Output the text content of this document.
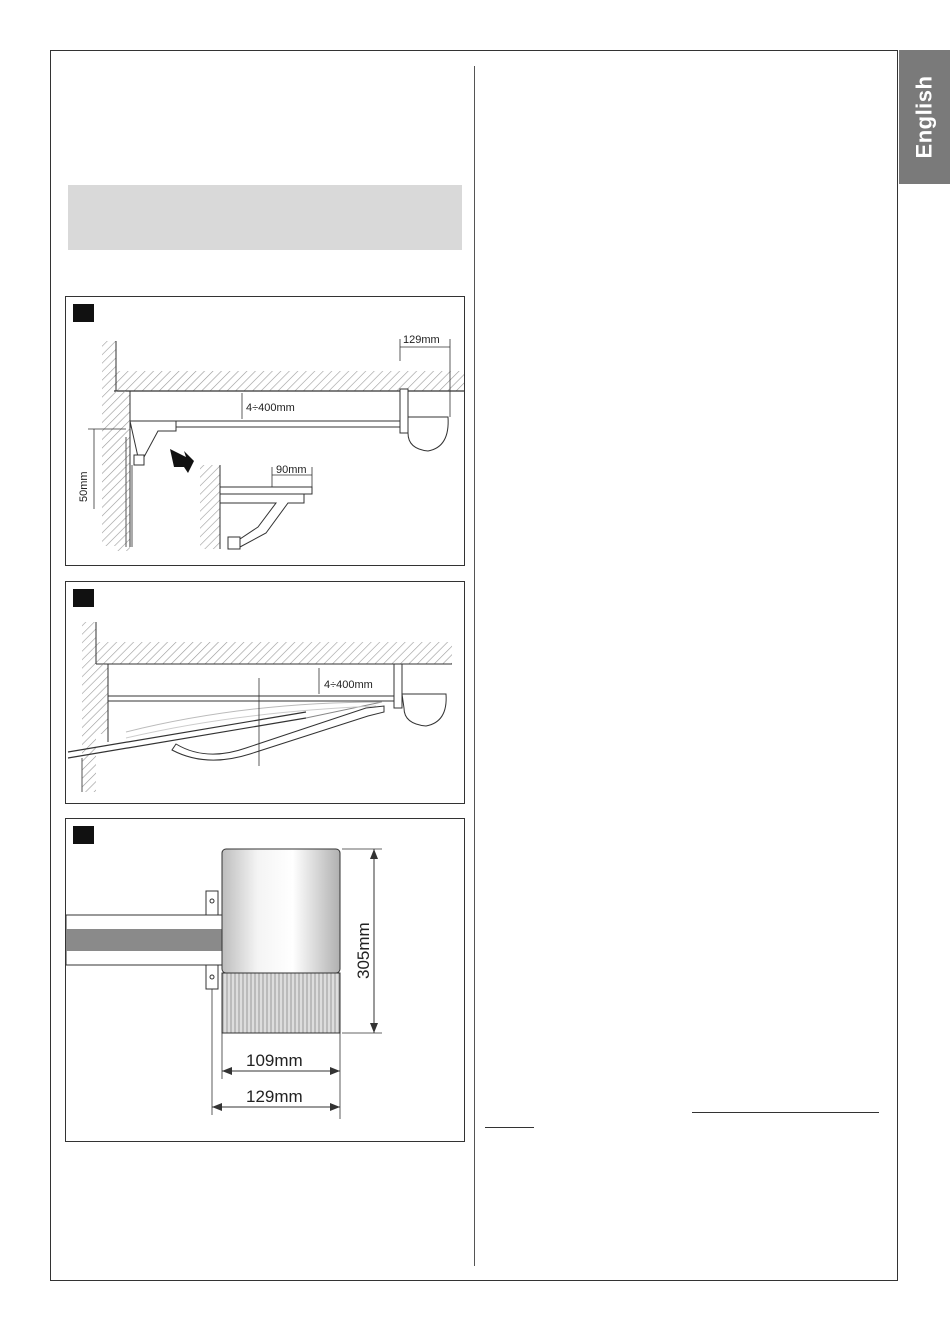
English
129mm
4÷400mm
50mm
90mm
4÷400mm
305mm
109mm
129mm
